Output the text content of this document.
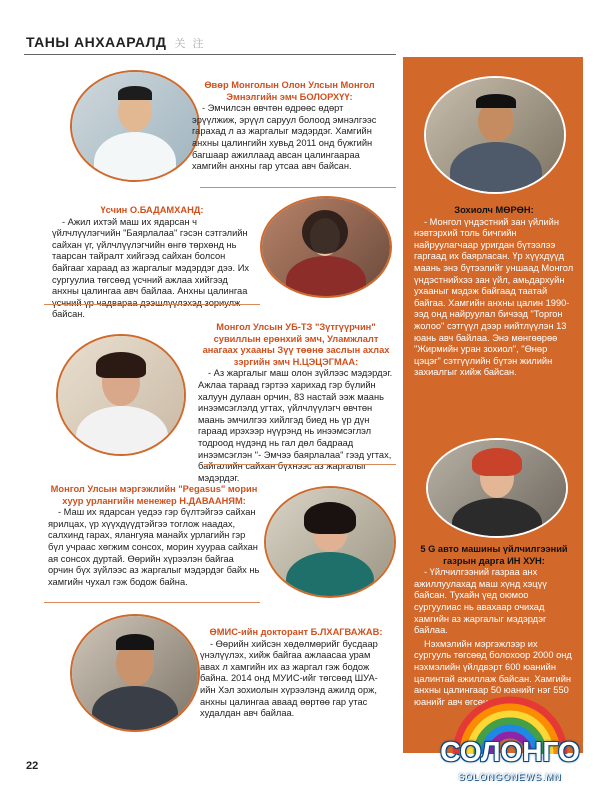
ТАНЫ АНХААРАЛД 关 注
Өвөр Монголын Олон Улсын Монгол Эмнэлгийн эмч БОЛОРХҮҮ:
- Эмчилсэн өвчтөн өдрөөс өдөрт эрүүлжиж, эрүүл саруул болоод эмнэлгээс гарахад л аз жаргалыг мэдэрдэг. Хамгийн анхны цалингийн хувьд 2011 онд бүжгийн багшаар ажиллаад авсан цалингаараа хамгийн анхны гар утсаа авч байсан.
Үсчин О.БАДАМХАНД:
- Ажил ихтэй маш их ядарсан ч үйлчлүүлэгчийн "Баярлалаа" гэсэн сэтгэлийн сайхан үг, үйлчлүүлэгчийн өнгө төрхөнд нь таарсан тайралт хийгээд сайхан болсон байгааг хараад аз жаргалыг мэдэрдэг дээ. Их сургуулиа төгсөөд үсчний ажлаа хийгээд анхны цалингаа авч байлаа. Анхны цалингаа үсчний үр чадвараа дээшлүүлэхэд зориулж байсан.
Монгол Улсын УБ-ТЗ "Зүтгүүрчин" сувиллын ерөнхий эмч, Уламжлалт анагаах ухааны Зүү төөнө заслын ахлах зэргийн эмч Н.ЦЭЦЭГМАА:
- Аз жаргалыг маш олон зүйлээс мэдэрдэг. Ажлаа тараад гэртээ харихад гэр бүлийн халуун дулаан орчин, 83 настай ээж маань инээмсэглэлд угтах, үйлчлүүлэгч өвчтөн маань эмчилгээ хийлгэд биед нь үр дүн гараад ирэхээр нүүрэнд нь инээмсэглэл тодроод нүдэнд нь гал дөл бадраад инээмсэглэн "- Эмчээ баярлалаа" гээд угтах, байгалийн сайхан бүхнээс аз жаргалыг мэдэрдэг.
Монгол Улсын мэргэжлийн "Pegasus" морин хуур урлангийн менежер Н.ДАВААНЯМ:
- Маш их ядарсан үедээ гэр бүлтэйгээ сайхан ярилцах, үр хүүхдүүдтэйгээ тоглож наадах, салхинд гарах, ялангуяа манайх урлагийн гэр бүл учраас хөгжим сонсох, морин хуураа сайхан ая сонсох дуртай. Өөрийн хүрээлэн байгаа орчин бүх зүйлээс аз жаргалыг мэдэрдэг байх нь хамгийн чухал гэж бодож байна.
ӨМИС-ийн докторант Б.ЛХАГВАЖАВ:
- Өөрийн хийсэн хөдөлмөрийг бусдаар үнэлүүлэх, хийж байгаа ажлаасаа урам авах л хамгийн их аз жаргал гэж бодож байна. 2014 онд МУИС-ийг төгсөөд ШУА-ийн Хэл зохиолын хүрээлэнд ажилд орж, анхны цалингаа аваад өөртөө гар утас худалдан авч байлаа.
Зохиолч МӨРӨН:
- Монгол үндэстний зан үйлийн нэвтэрхий толь бичгийн найруулагчаар уригдан бүтээлээ гаргаад их баярласан. Үр хүүхдүүд маань энэ бүтээлийг уншаад Монгол үндэстнийхээ зан үйл, амьдархуйн ухааныг мэдэж байгаад таатай байгаа. Хамгийн анхны цалин 1990-ээд онд найруулал бичээд "Торгон жолоо" сэтгүүл дээр нийтлүүлэн 13 юань авч байлаа. Энэ мөнгөөрөө "Жирмийн уран зохиол", "Өнөр цэцэг" сэтгүүлийн бүтэн жилийн захиалгыг хийж байсан.
5 G авто машины үйлчилгээний газрын дарга ИН ХУН:
- Үйлчилгээний газраа анх ажиллуулахад маш хүнд хэцүү байсан. Тухайн үед оюмоо сургуулиас нь авахаар очихад хамгийн аз жаргалыг мэдэрдэг байлаа.
Нэхмэлийн мэргэжлээр их сургууль төгсөөд болохоор 2000 онд нэхмэлийн үйлдвэрт 600 юанийн цалинтай ажиллаж байсан. Хамгийн анхны цалингаар 50 юанийг нэг 550 юанийг авч өгсөн.
22	СОЛОНГО
SOLONGONEWS.MN
